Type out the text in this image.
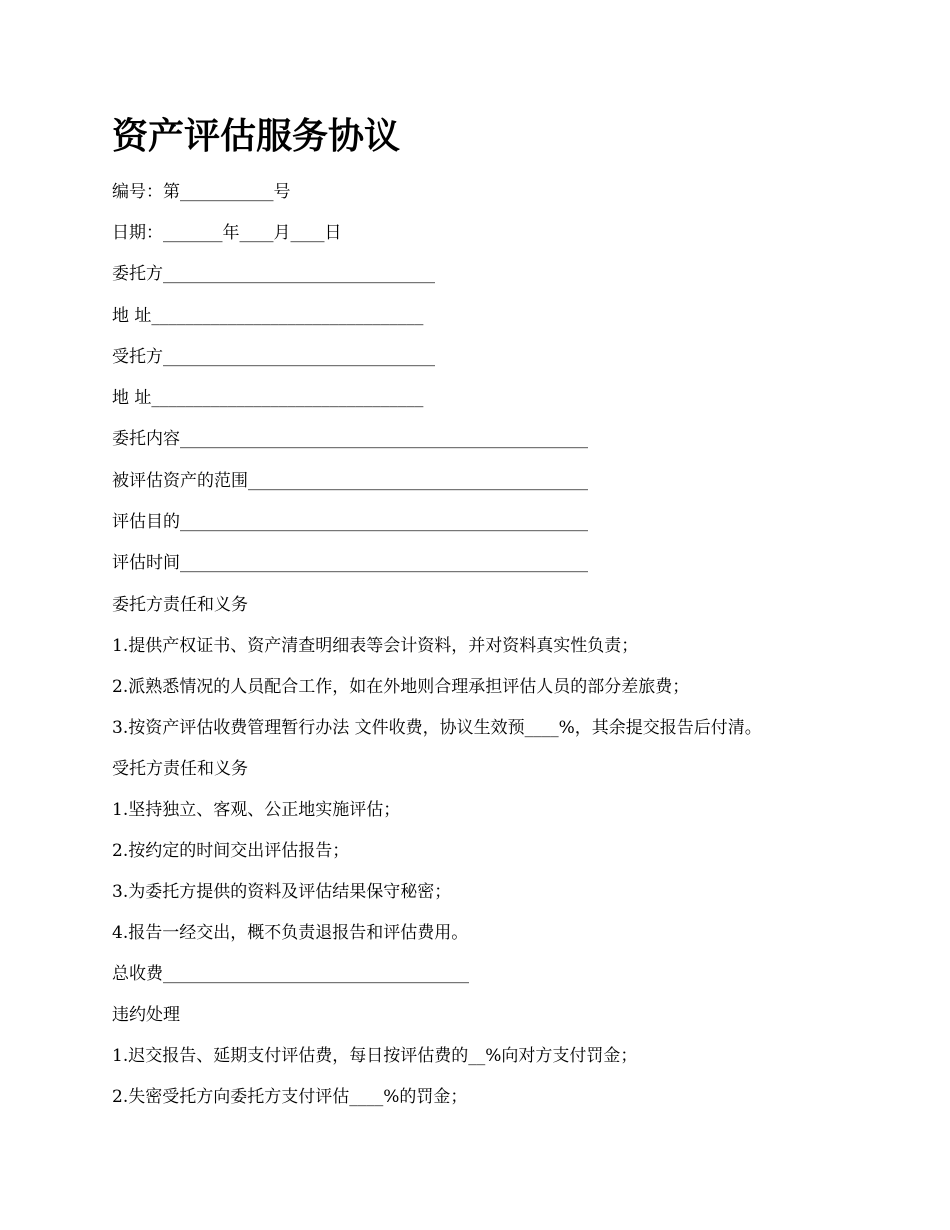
资产评估服务协议
编号：第___________号
日期：_______年____月____日
委托方________________________________
地 址________________________________
受托方________________________________
地 址________________________________
委托内容________________________________________________
被评估资产的范围________________________________________
评估目的________________________________________________
评估时间________________________________________________
委托方责任和义务
1.提供产权证书、资产清查明细表等会计资料，并对资料真实性负责；
2.派熟悉情况的人员配合工作，如在外地则合理承担评估人员的部分差旅费；
3.按资产评估收费管理暂行办法 文件收费，协议生效预____%，其余提交报告后付清。
受托方责任和义务
1.坚持独立、客观、公正地实施评估；
2.按约定的时间交出评估报告；
3.为委托方提供的资料及评估结果保守秘密；
4.报告一经交出，概不负责退报告和评估费用。
总收费____________________________________
违约处理
1.迟交报告、延期支付评估费，每日按评估费的__%向对方支付罚金；
2.失密受托方向委托方支付评估____%的罚金；
